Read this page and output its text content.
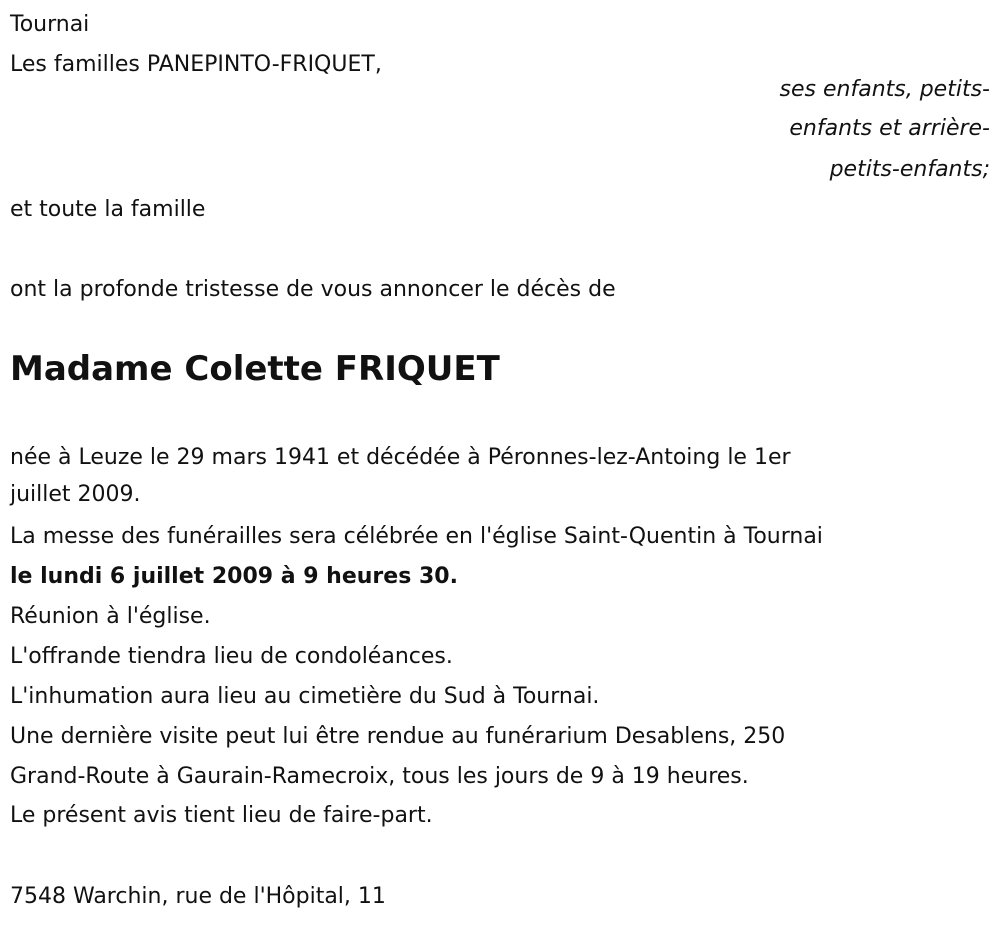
Tournai
Les familles PANEPINTO-FRIQUET,
ses enfants, petits-
enfants et arrière-
petits-enfants;
et toute la famille
ont la profonde tristesse de vous annoncer le décès de
Madame Colette FRIQUET
née à Leuze le 29 mars 1941 et décédée à Péronnes-lez-Antoing le 1er
juillet 2009.
La messe des funérailles sera célébrée en l'église Saint-Quentin à Tournai
le lundi 6 juillet 2009 à 9 heures 30.
Réunion à l'église.
L'offrande tiendra lieu de condoléances.
L'inhumation aura lieu au cimetière du Sud à Tournai.
Une dernière visite peut lui être rendue au funérarium Desablens, 250
Grand-Route à Gaurain-Ramecroix, tous les jours de 9 à 19 heures.
Le présent avis tient lieu de faire-part.
7548 Warchin, rue de l'Hôpital, 11
